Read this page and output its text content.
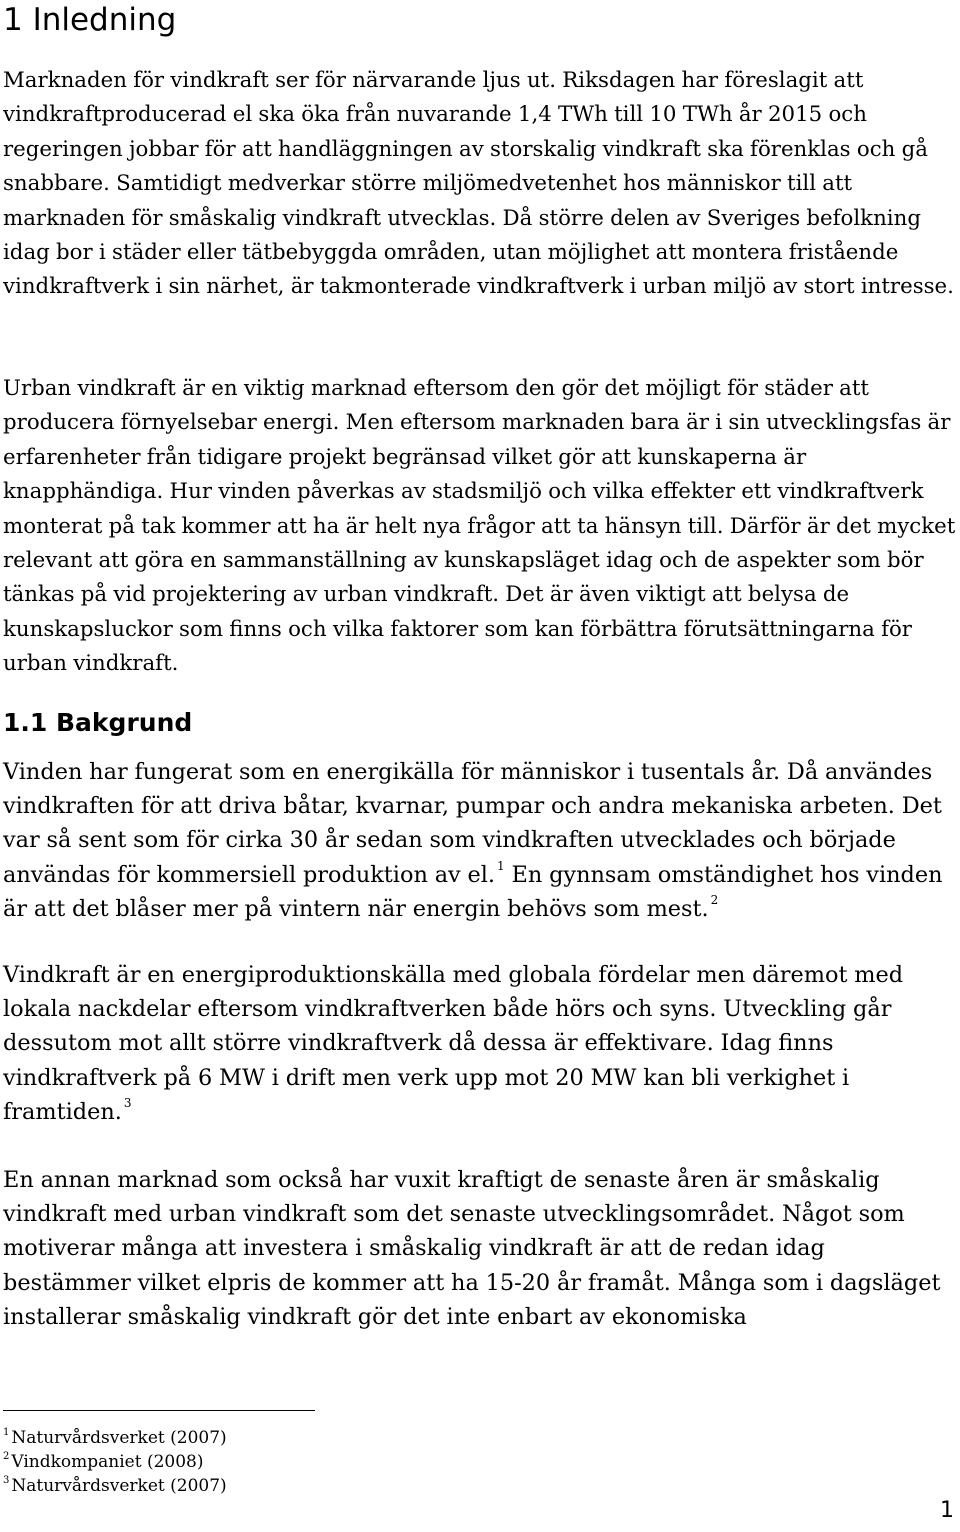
1 Inledning

Marknaden för vindkraft ser för närvarande ljus ut. Riksdagen har föreslagit att vindkraftproducerad el ska öka från nuvarande 1,4 TWh till 10 TWh år 2015 och regeringen jobbar för att handläggningen av storskalig vindkraft ska förenklas och gå snabbare. Samtidigt medverkar större miljömedvetenhet hos människor till att marknaden för småskalig vindkraft utvecklas. Då större delen av Sveriges befolkning idag bor i städer eller tätbebyggda områden, utan möjlighet att montera fristående vindkraftverk i sin närhet, är takmonterade vindkraftverk i urban miljö av stort intresse.

Urban vindkraft är en viktig marknad eftersom den gör det möjligt för städer att producera förnyelsebar energi. Men eftersom marknaden bara är i sin utvecklingsfas är erfarenheter från tidigare projekt begränsad vilket gör att kunskaperna är knapphändiga. Hur vinden påverkas av stadsmiljö och vilka effekter ett vindkraftverk monterat på tak kommer att ha är helt nya frågor att ta hänsyn till. Därför är det mycket relevant att göra en sammanställning av kunskapsläget idag och de aspekter som bör tänkas på vid projektering av urban vindkraft. Det är även viktigt att belysa de kunskapsluckor som finns och vilka faktorer som kan förbättra förutsättningarna för urban vindkraft.

1.1 Bakgrund

Vinden har fungerat som en energikälla för människor i tusentals år. Då användes vindkraften för att driva båtar, kvarnar, pumpar och andra mekaniska arbeten. Det var så sent som för cirka 30 år sedan som vindkraften utvecklades och började användas för kommersiell produktion av el. $^1$ En gynnsam omständighet hos vinden är att det blåser mer på vintern när energin behövs som mest. $^2$

Vindkraft är en energiproduktionskälla med globala fördelar men däremot med lokala nackdelar eftersom vindkraftverken både hörs och syns. Utveckling går dessutom mot allt större vindkraftverk då dessa är effektivare. Idag finns vindkraftverk på 6 MW i drift men verk upp mot 20 MW kan bli verkighet i framtiden. $^3$

En annan marknad som också har vuxit kraftigt de senaste åren är småskalig vindkraft med urban vindkraft som det senaste utvecklingsområdet. Något som motiverar många att investera i småskalig vindkraft är att de redan idag bestämmer vilket elpris de kommer att ha 15-20 år framåt. Många som i dagsläget installerar småskalig vindkraft gör det inte enbart av ekonomiska

$^1$ Naturvårdsverket (2007)
$^2$ Vindkompaniet (2008)
$^3$ Naturvårdsverket (2007)
1
